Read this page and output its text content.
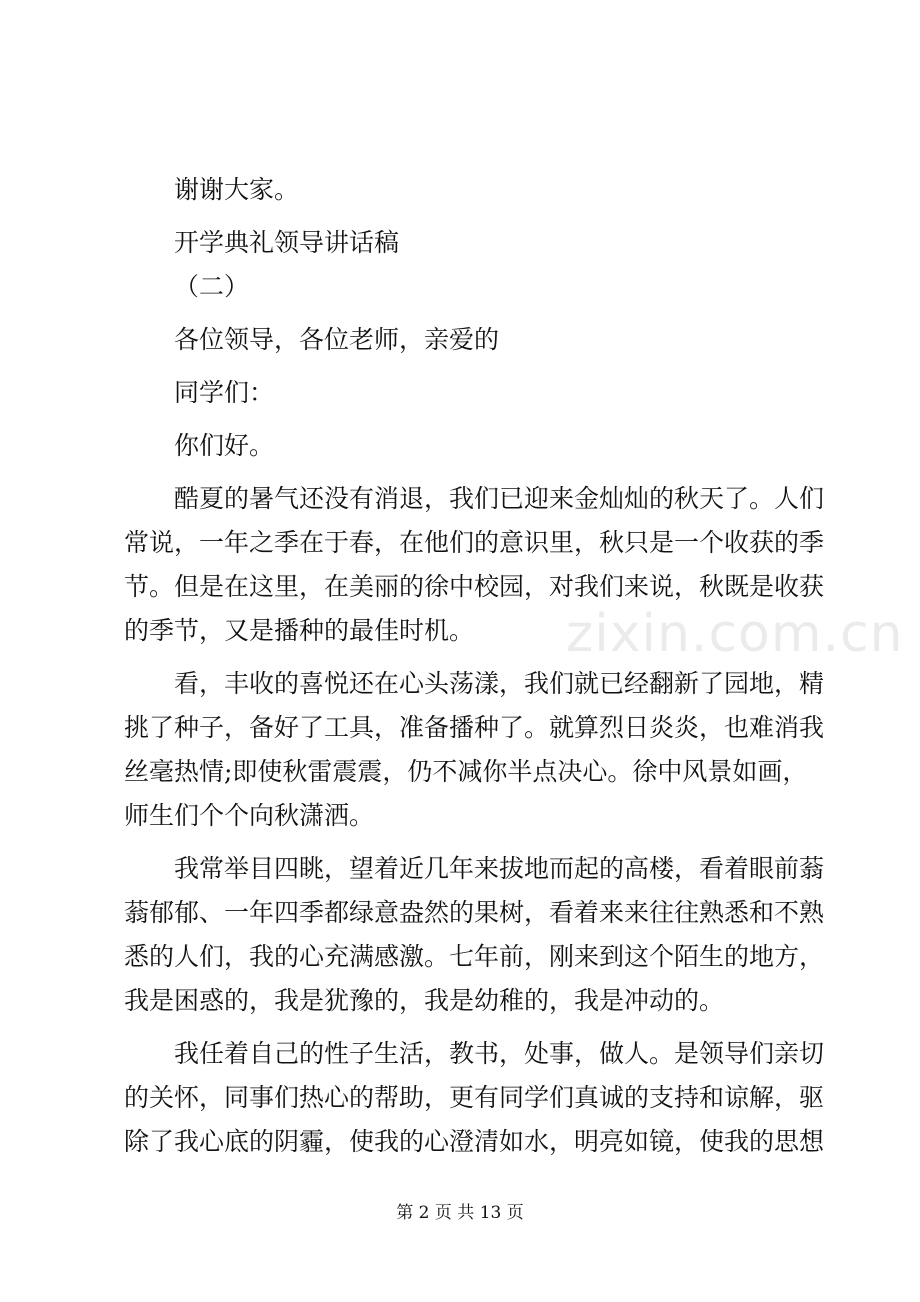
谢谢大家。
开学典礼领导讲话稿
（二）
各位领导，各位老师，亲爱的
同学们：
你们好。
酷夏的暑气还没有消退，我们已迎来金灿灿的秋天了。人们
常说，一年之季在于春，在他们的意识里，秋只是一个收获的季
节。但是在这里，在美丽的徐中校园，对我们来说，秋既是收获
的季节，又是播种的最佳时机。
看，丰收的喜悦还在心头荡漾，我们就已经翻新了园地，精
挑了种子，备好了工具，准备播种了。就算烈日炎炎，也难消我
丝毫热情;即使秋雷震震，仍不减你半点决心。徐中风景如画，
师生们个个向秋潇洒。
我常举目四眺，望着近几年来拔地而起的高楼，看着眼前蓊
蓊郁郁、一年四季都绿意盎然的果树，看着来来往往熟悉和不熟
悉的人们，我的心充满感激。七年前，刚来到这个陌生的地方，
我是困惑的，我是犹豫的，我是幼稚的，我是冲动的。
我任着自己的性子生活，教书，处事，做人。是领导们亲切
的关怀，同事们热心的帮助，更有同学们真诚的支持和谅解，驱
除了我心底的阴霾，使我的心澄清如水，明亮如镜，使我的思想
zixin.com.cn
第 2 页 共 13 页
